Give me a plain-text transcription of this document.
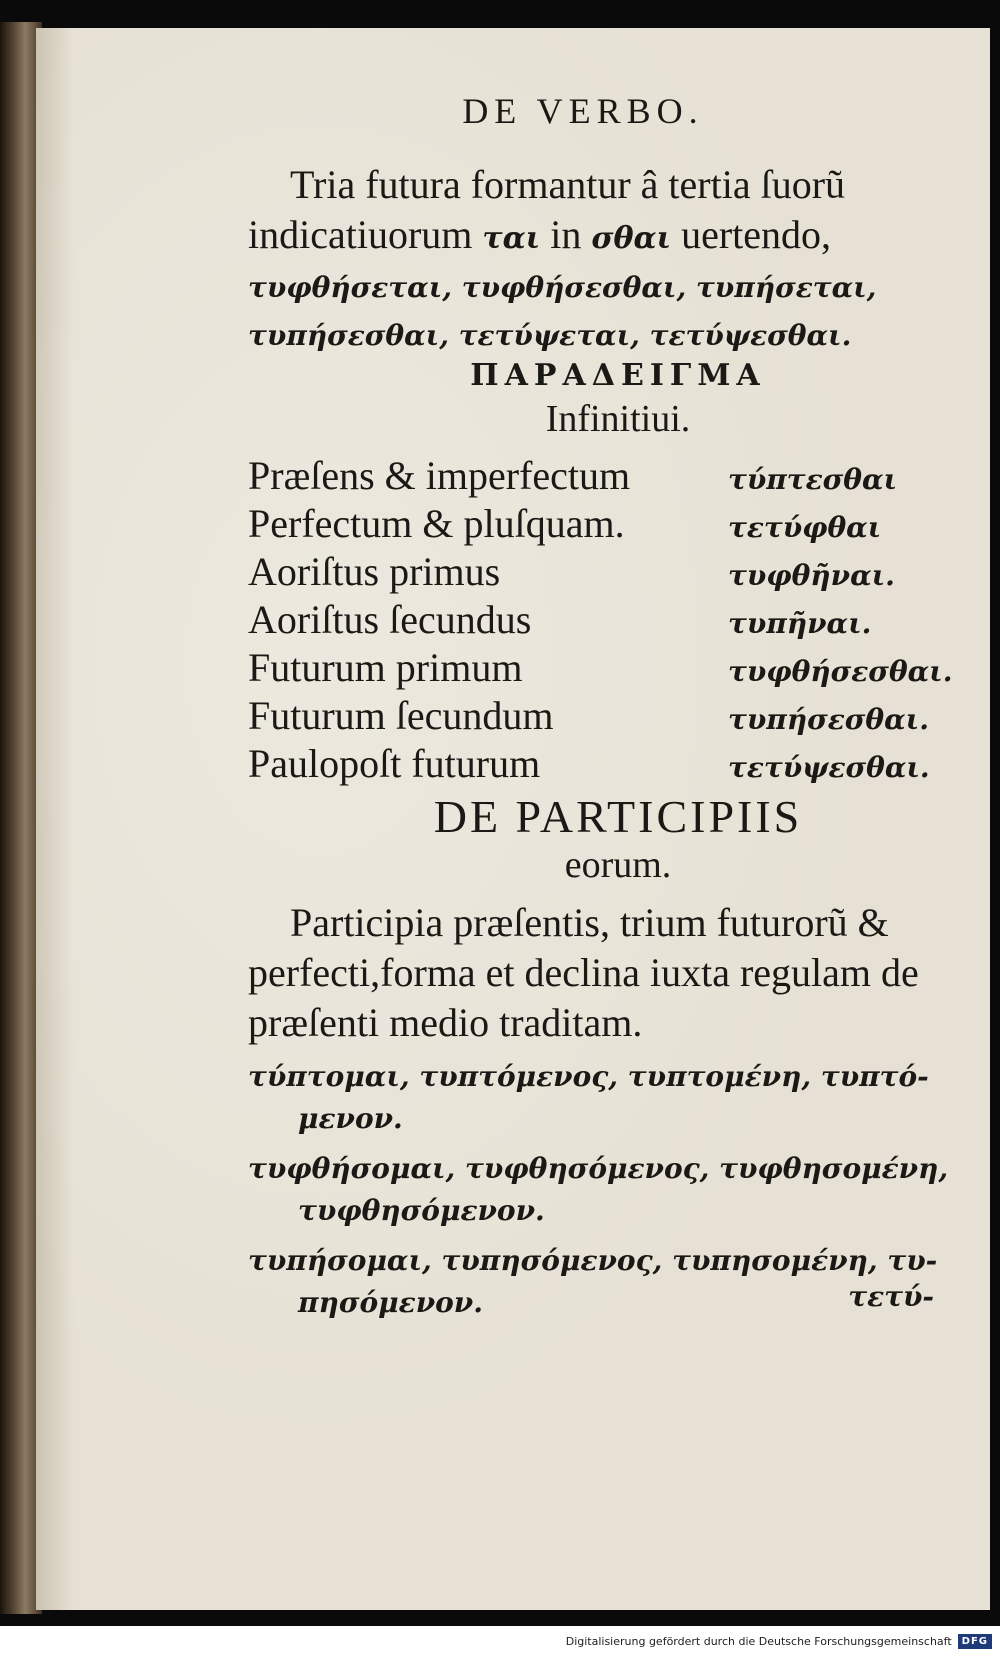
DE VERBO.

Tria futura formantur â tertia ſuorũ indicatiuorum ται in σθαι uertendo,

τυφθήσεται, τυφθήσεσθαι, τυπήσεται, τυπήσεσθαι, τετύψεται, τετύψεσθαι.

ΠΑΡΑΔΕΙΓΜΑ

Infinitiui.

Præſens & imperfectum	τύπτεσθαι
Perfectum & pluſquam.	τετύφθαι
Aoriſtus primus	τυφθῆναι.
Aoriſtus ſecundus	τυπῆναι.
Futurum primum	τυφθήσεσθαι.
Futurum ſecundum	τυπήσεσθαι.
Paulopoſt futurum	τετύψεσθαι.

DE PARTICIPIIS

eorum.

Participia præſentis, trium futurorũ & perfecti,forma et declina iuxta regulam de præſenti medio traditam.

τύπτομαι, τυπτόμενος, τυπτομένη, τυπτό-

μενον.

τυφθήσομαι, τυφθησόμενος, τυφθησομένη,

τυφθησόμενον.

τυπήσομαι, τυπησόμενος, τυπησομένη, τυ-

πησόμενον.	τετύ-
Digitalisierung gefördert durch die Deutsche Forschungsgemeinschaft	DFG
